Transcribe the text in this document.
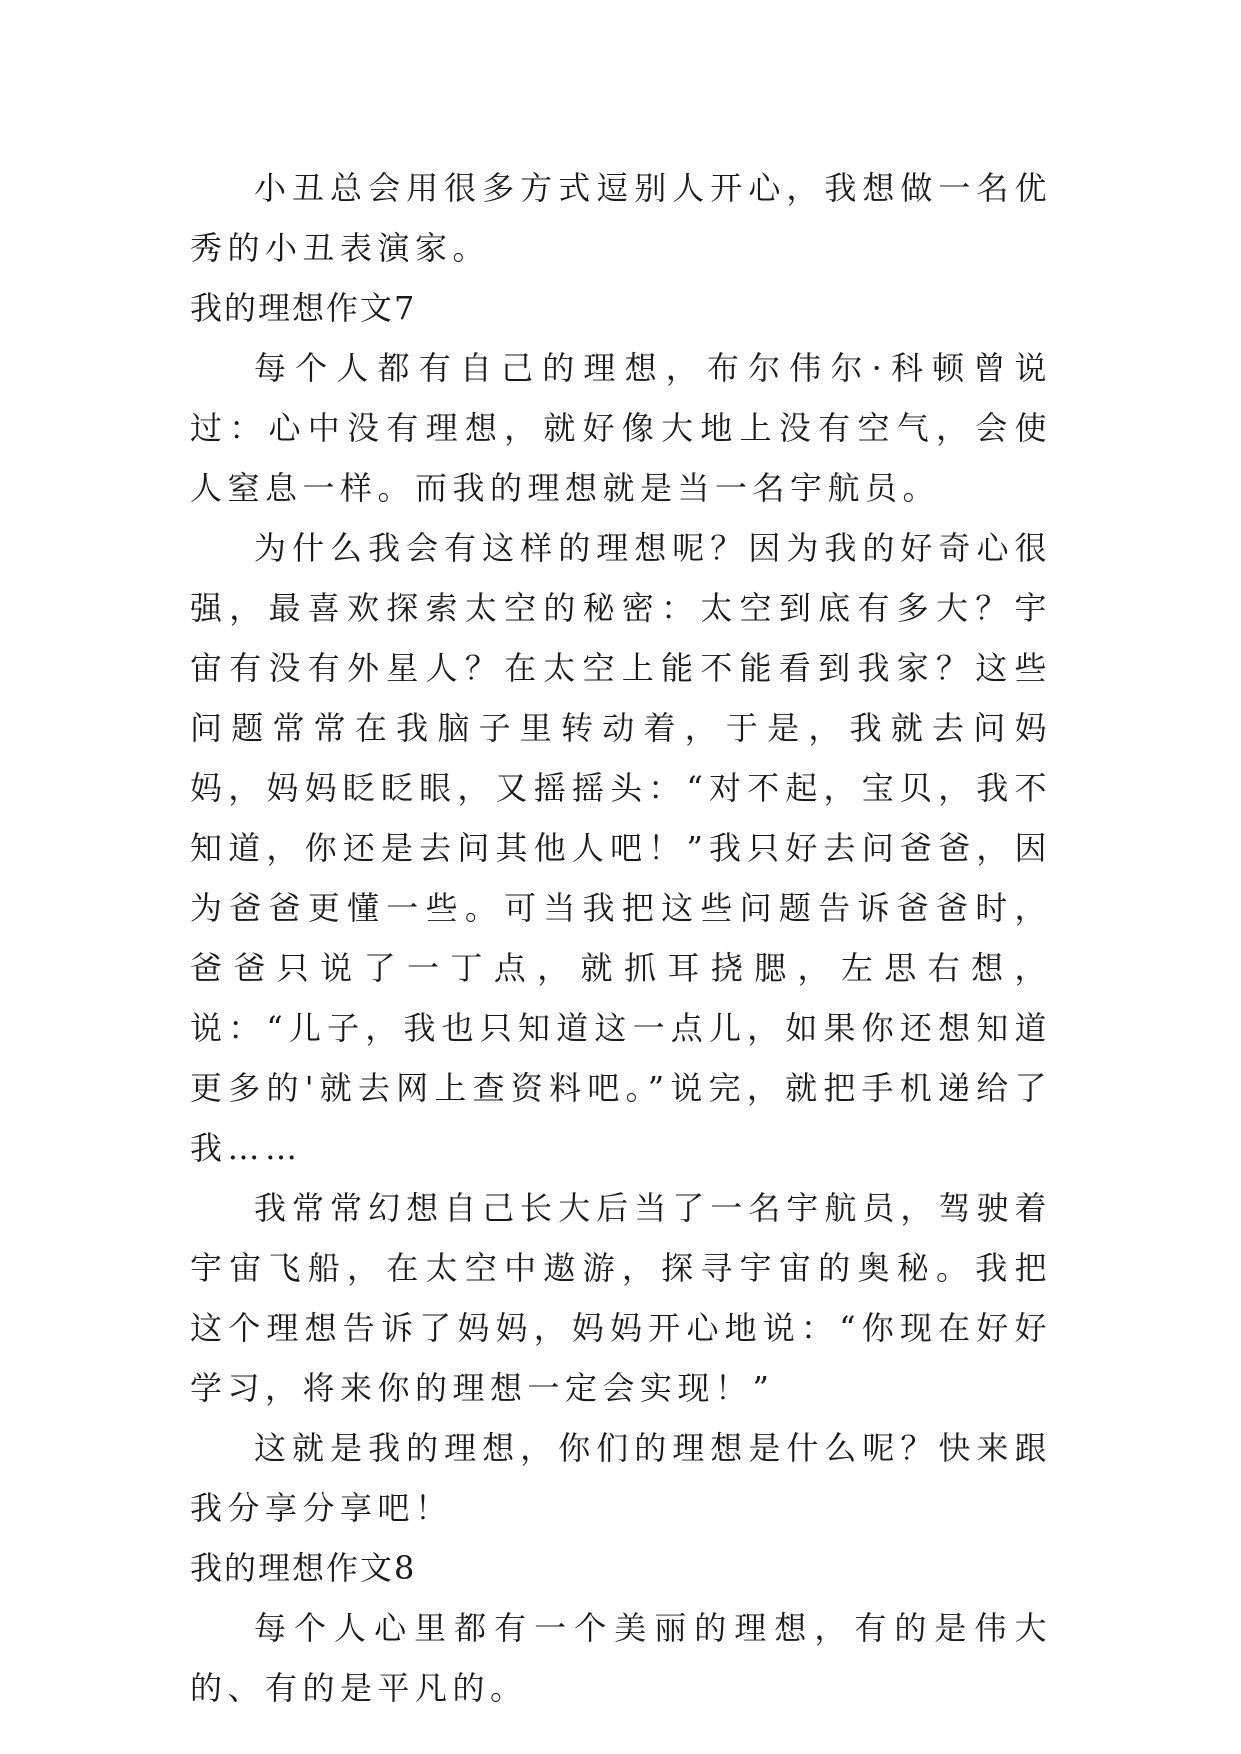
小丑总会用很多方式逗别人开心，我想做一名优秀的小丑表演家。

我的理想作文7

每个人都有自己的理想，布尔伟尔·科顿曾说过：心中没有理想，就好像大地上没有空气，会使人窒息一样。而我的理想就是当一名宇航员。

为什么我会有这样的理想呢？因为我的好奇心很强，最喜欢探索太空的秘密：太空到底有多大？宇宙有没有外星人？在太空上能不能看到我家？这些问题常常在我脑子里转动着，于是，我就去问妈妈，妈妈眨眨眼，又摇摇头：“对不起，宝贝，我不知道，你还是去问其他人吧！”我只好去问爸爸，因为爸爸更懂一些。可当我把这些问题告诉爸爸时，爸爸只说了一丁点，就抓耳挠腮，左思右想，说：“儿子，我也只知道这一点儿，如果你还想知道更多的'就去网上查资料吧。”说完，就把手机递给了我……

我常常幻想自己长大后当了一名宇航员，驾驶着宇宙飞船，在太空中遨游，探寻宇宙的奥秘。我把这个理想告诉了妈妈，妈妈开心地说：“你现在好好学习，将来你的理想一定会实现！”

这就是我的理想，你们的理想是什么呢？快来跟我分享分享吧！

我的理想作文8

每个人心里都有一个美丽的理想，有的是伟大的、有的是平凡的。
